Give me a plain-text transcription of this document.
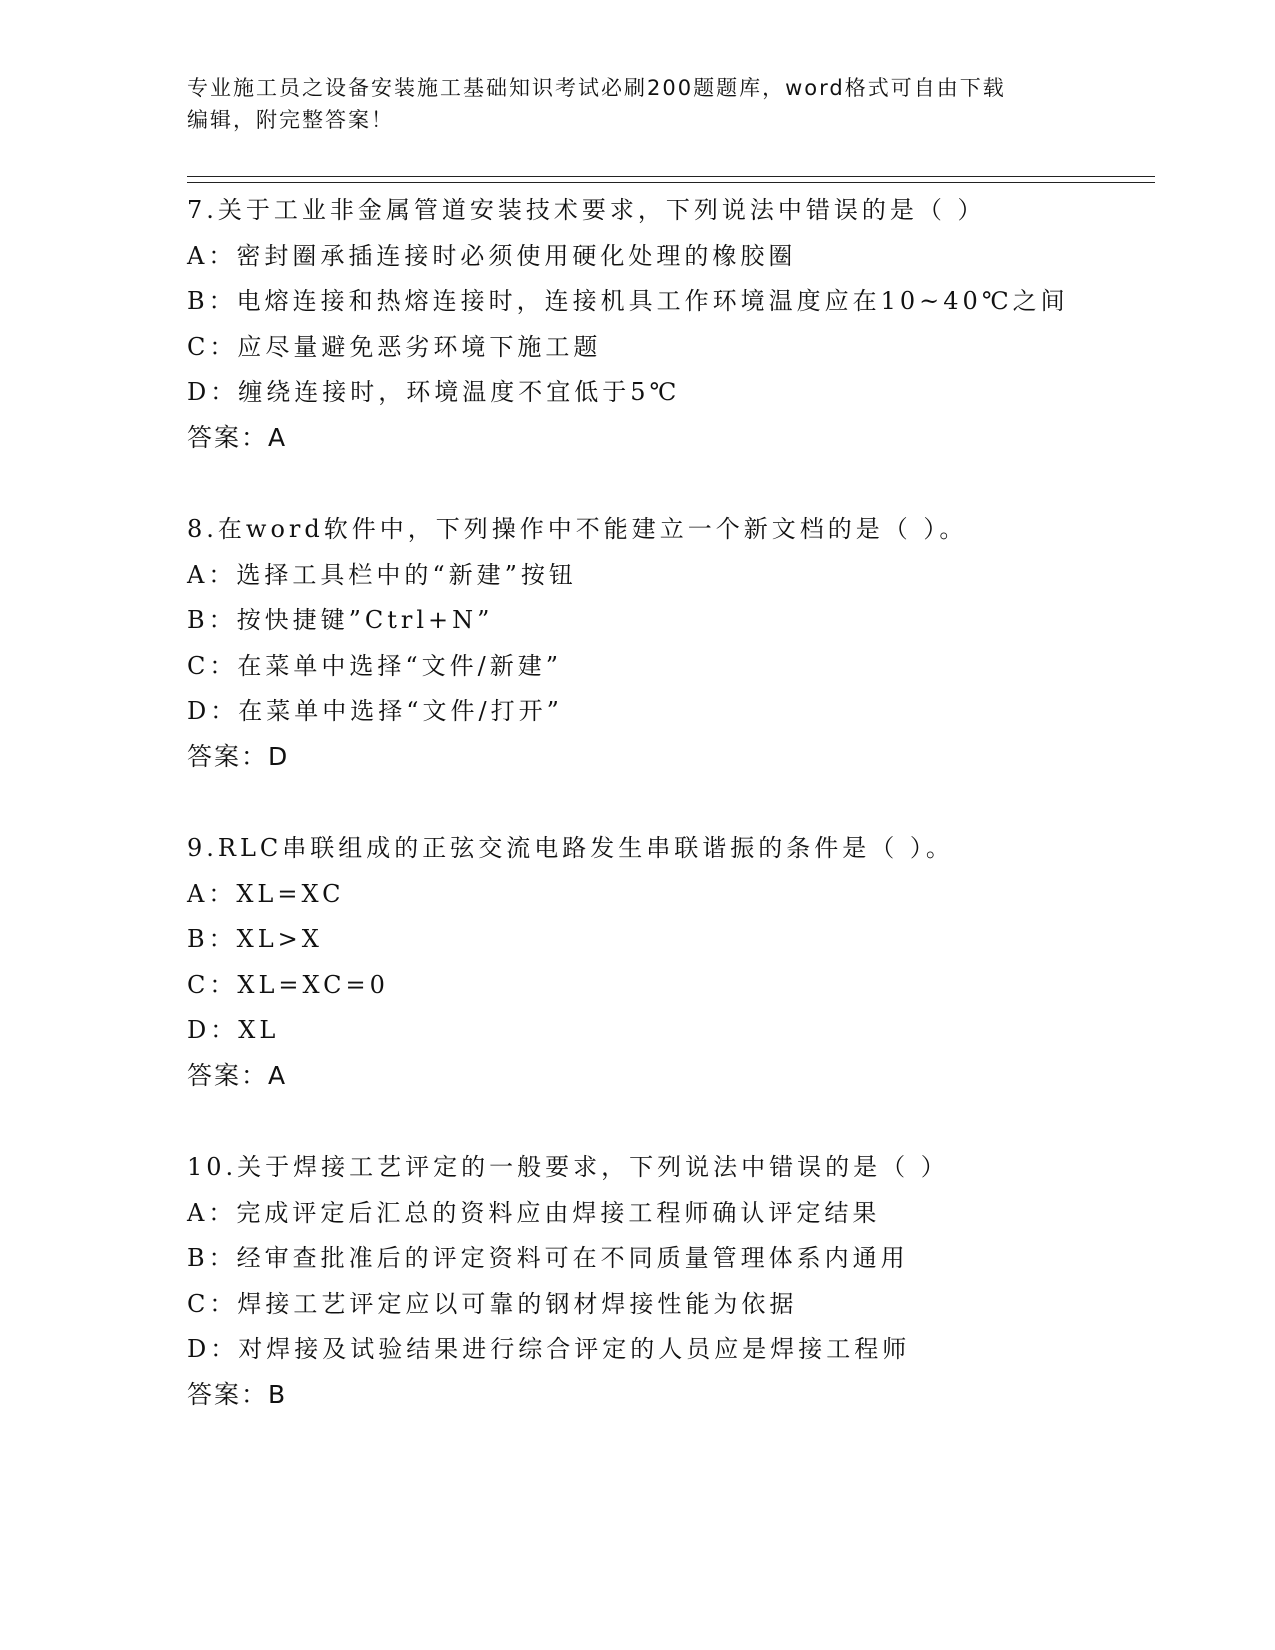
专业施工员之设备安装施工基础知识考试必刷200题题库，word格式可自由下载
编辑，附完整答案！
7.关于工业非金属管道安装技术要求，下列说法中错误的是（ ）
A：密封圈承插连接时必须使用硬化处理的橡胶圈
B：电熔连接和热熔连接时，连接机具工作环境温度应在10~40℃之间
C：应尽量避免恶劣环境下施工题
D：缠绕连接时，环境温度不宜低于5℃
答案：A
8.在word软件中，下列操作中不能建立一个新文档的是（ ）。
A：选择工具栏中的“新建”按钮
B：按快捷键”Ctrl+N”
C：在菜单中选择“文件/新建”
D：在菜单中选择“文件/打开”
答案：D
9.RLC串联组成的正弦交流电路发生串联谐振的条件是（ ）。
A：XL=XC
B：XL>X
C：XL=XC=0
D：XL
答案：A
10.关于焊接工艺评定的一般要求，下列说法中错误的是（ ）
A：完成评定后汇总的资料应由焊接工程师确认评定结果
B：经审查批准后的评定资料可在不同质量管理体系内通用
C：焊接工艺评定应以可靠的钢材焊接性能为依据
D：对焊接及试验结果进行综合评定的人员应是焊接工程师
答案：B
